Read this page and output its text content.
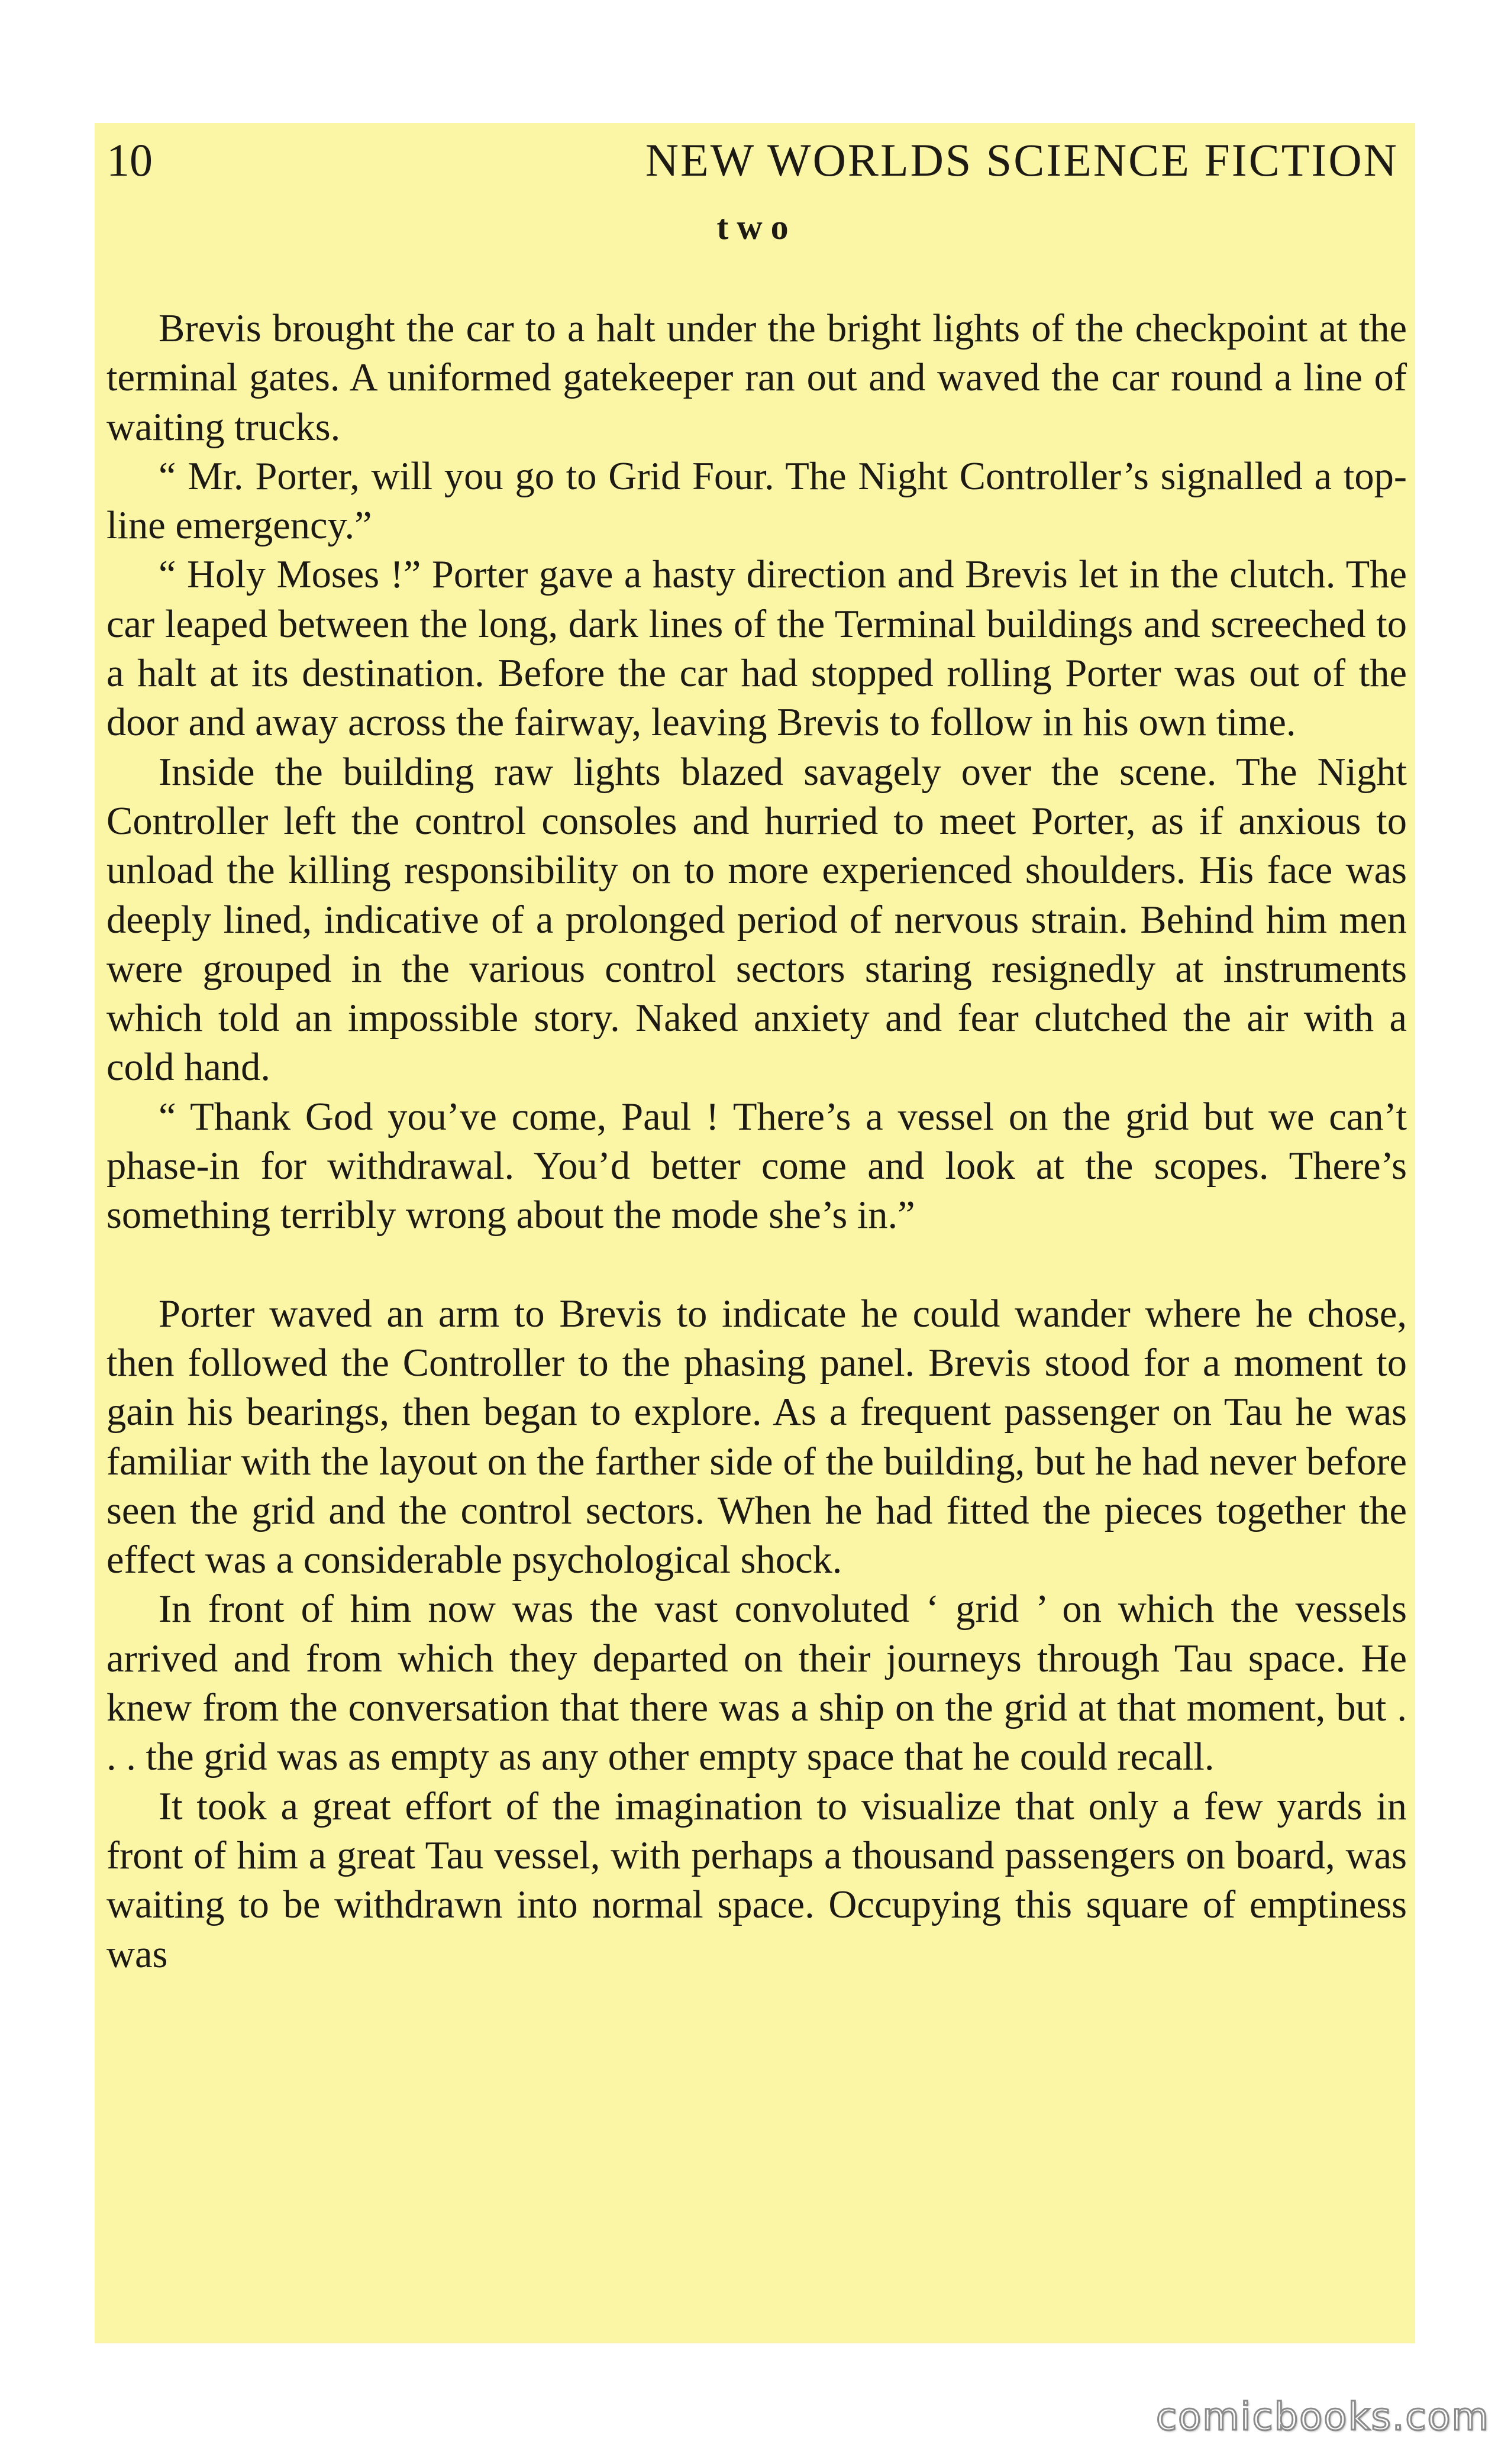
10	NEW WORLDS SCIENCE FICTION
two

Brevis brought the car to a halt under the bright lights of the checkpoint at the terminal gates. A uniformed gatekeeper ran out and waved the car round a line of waiting trucks.

“ Mr. Porter, will you go to Grid Four. The Night Controller’s signalled a top-line emergency.”

“ Holy Moses !” Porter gave a hasty direction and Brevis let in the clutch. The car leaped between the long, dark lines of the Terminal buildings and screeched to a halt at its destination. Before the car had stopped rolling Porter was out of the door and away across the fairway, leaving Brevis to follow in his own time.

Inside the building raw lights blazed savagely over the scene. The Night Controller left the control consoles and hurried to meet Porter, as if anxious to unload the killing responsibility on to more experienced shoulders. His face was deeply lined, indicative of a prolonged period of nervous strain. Behind him men were grouped in the various control sectors staring resignedly at instruments which told an impossible story. Naked anxiety and fear clutched the air with a cold hand.

“ Thank God you’ve come, Paul ! There’s a vessel on the grid but we can’t phase-in for withdrawal. You’d better come and look at the scopes. There’s something terribly wrong about the mode she’s in.”

Porter waved an arm to Brevis to indicate he could wander where he chose, then followed the Controller to the phasing panel. Brevis stood for a moment to gain his bearings, then began to explore. As a frequent passenger on Tau he was familiar with the layout on the farther side of the building, but he had never before seen the grid and the control sectors. When he had fitted the pieces together the effect was a considerable psychological shock.

In front of him now was the vast convoluted ‘ grid ’ on which the vessels arrived and from which they departed on their journeys through Tau space. He knew from the conversation that there was a ship on the grid at that moment, but . . . the grid was as empty as any other empty space that he could recall.

It took a great effort of the imagination to visualize that only a few yards in front of him a great Tau vessel, with perhaps a thousand passengers on board, was waiting to be withdrawn into normal space. Occupying this square of emptiness was

comicbooks.com
